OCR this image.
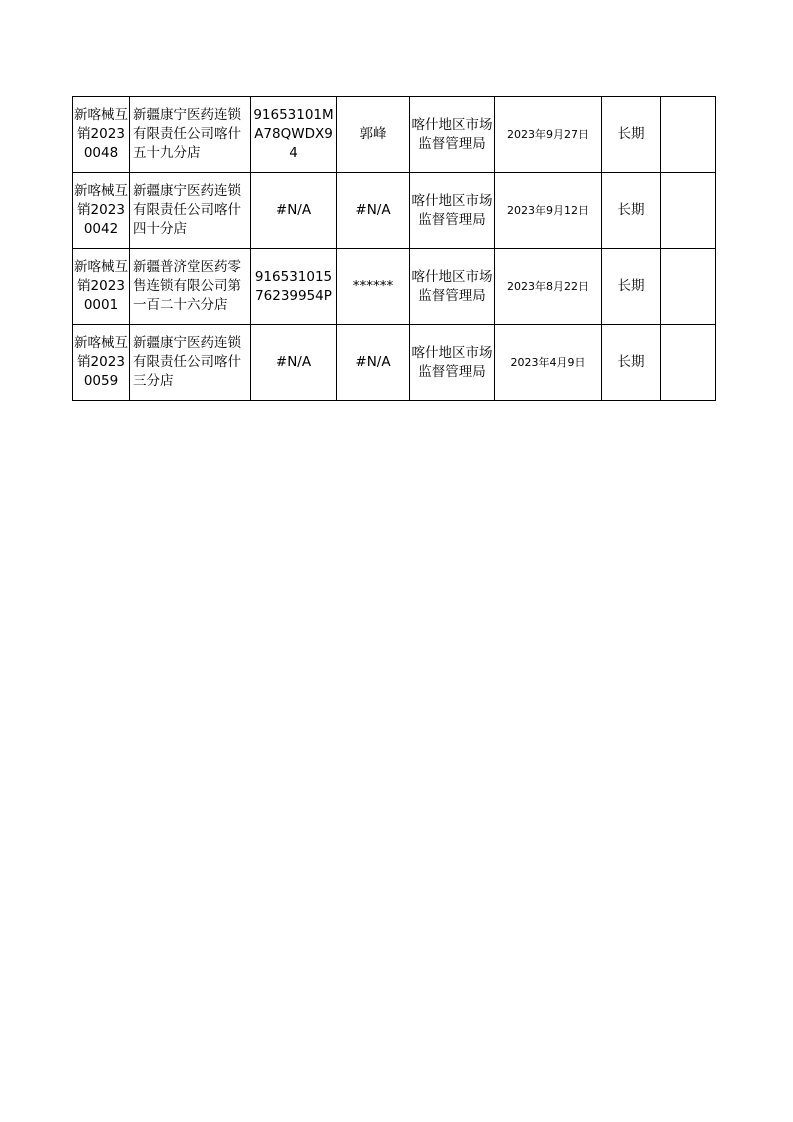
新喀械互销20230048	新疆康宁医药连锁有限责任公司喀什五十九分店	91653101MA78QWDX94	郭峰	喀什地区市场监督管理局	2023年9月27日	长期	
新喀械互销20230042	新疆康宁医药连锁有限责任公司喀什四十分店	#N/A	#N/A	喀什地区市场监督管理局	2023年9月12日	长期	
新喀械互销20230001	新疆普济堂医药零售连锁有限公司第一百二十六分店	91653101576239954P	******	喀什地区市场监督管理局	2023年8月22日	长期	
新喀械互销20230059	新疆康宁医药连锁有限责任公司喀什三分店	#N/A	#N/A	喀什地区市场监督管理局	2023年4月9日	长期	
